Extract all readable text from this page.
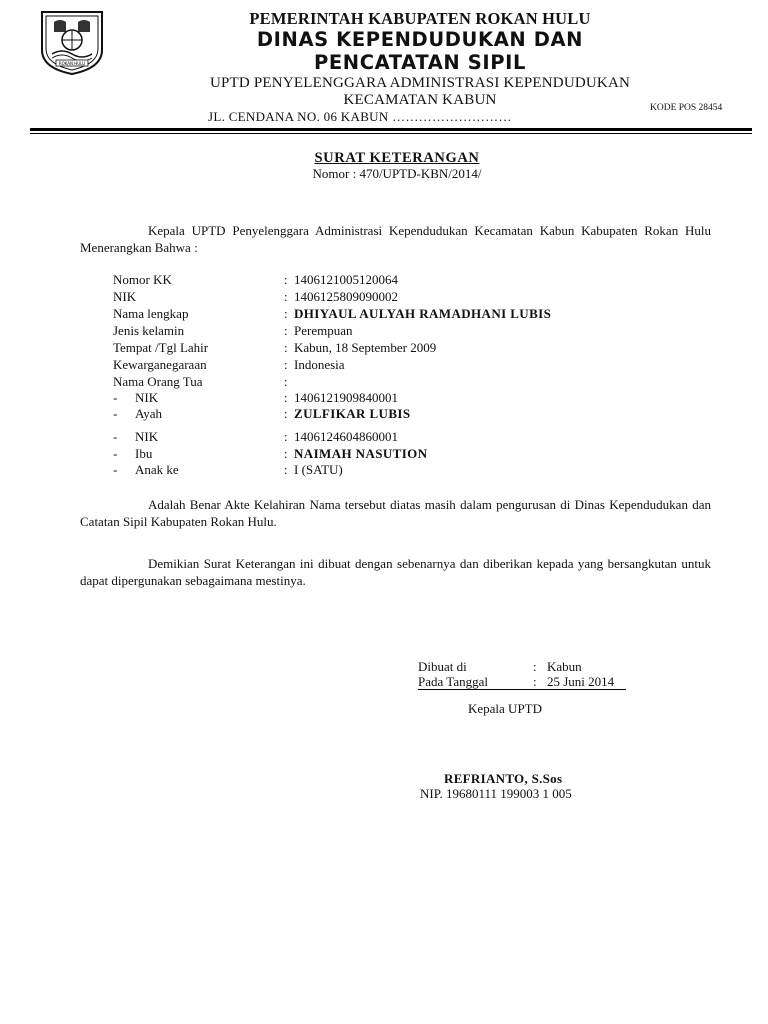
ROKAN HULU
PEMERINTAH KABUPATEN ROKAN HULU
DINAS KEPENDUDUKAN DAN
PENCATATAN SIPIL
UPTD PENYELENGGARA ADMINISTRASI KEPENDUDUKAN
KECAMATAN KABUN
JL. CENDANA NO. 06 KABUN ………………………
KODE POS 28454
SURAT KETERANGAN
Nomor : 470/UPTD-KBN/2014/
Kepala UPTD Penyelenggara Administrasi Kependudukan Kecamatan Kabun Kabupaten Rokan Hulu Menerangkan Bahwa :
Nomor KK	: 1406121005120064
NIK	: 1406125809090002
Nama lengkap	: DHIYAUL AULYAH RAMADHANI LUBIS
Jenis kelamin	: Perempuan
Tempat /Tgl Lahir	: Kabun, 18 September 2009
Kewarganegaraan	: Indonesia
Nama Orang Tua	:
- NIK	: 1406121909840001
- Ayah	: ZULFIKAR LUBIS
- NIK	: 1406124604860001
- Ibu	: NAIMAH NASUTION
- Anak ke	: I (SATU)
Adalah Benar Akte Kelahiran Nama tersebut diatas masih dalam pengurusan di Dinas Kependudukan dan Catatan Sipil Kabupaten Rokan Hulu.
Demikian Surat Keterangan ini dibuat dengan sebenarnya dan diberikan kepada yang bersangkutan untuk dapat dipergunakan sebagaimana mestinya.
Dibuat di	: Kabun
Pada Tanggal	: 25 Juni 2014
Kepala UPTD
REFRIANTO, S.Sos
NIP. 19680111 199003 1 005
